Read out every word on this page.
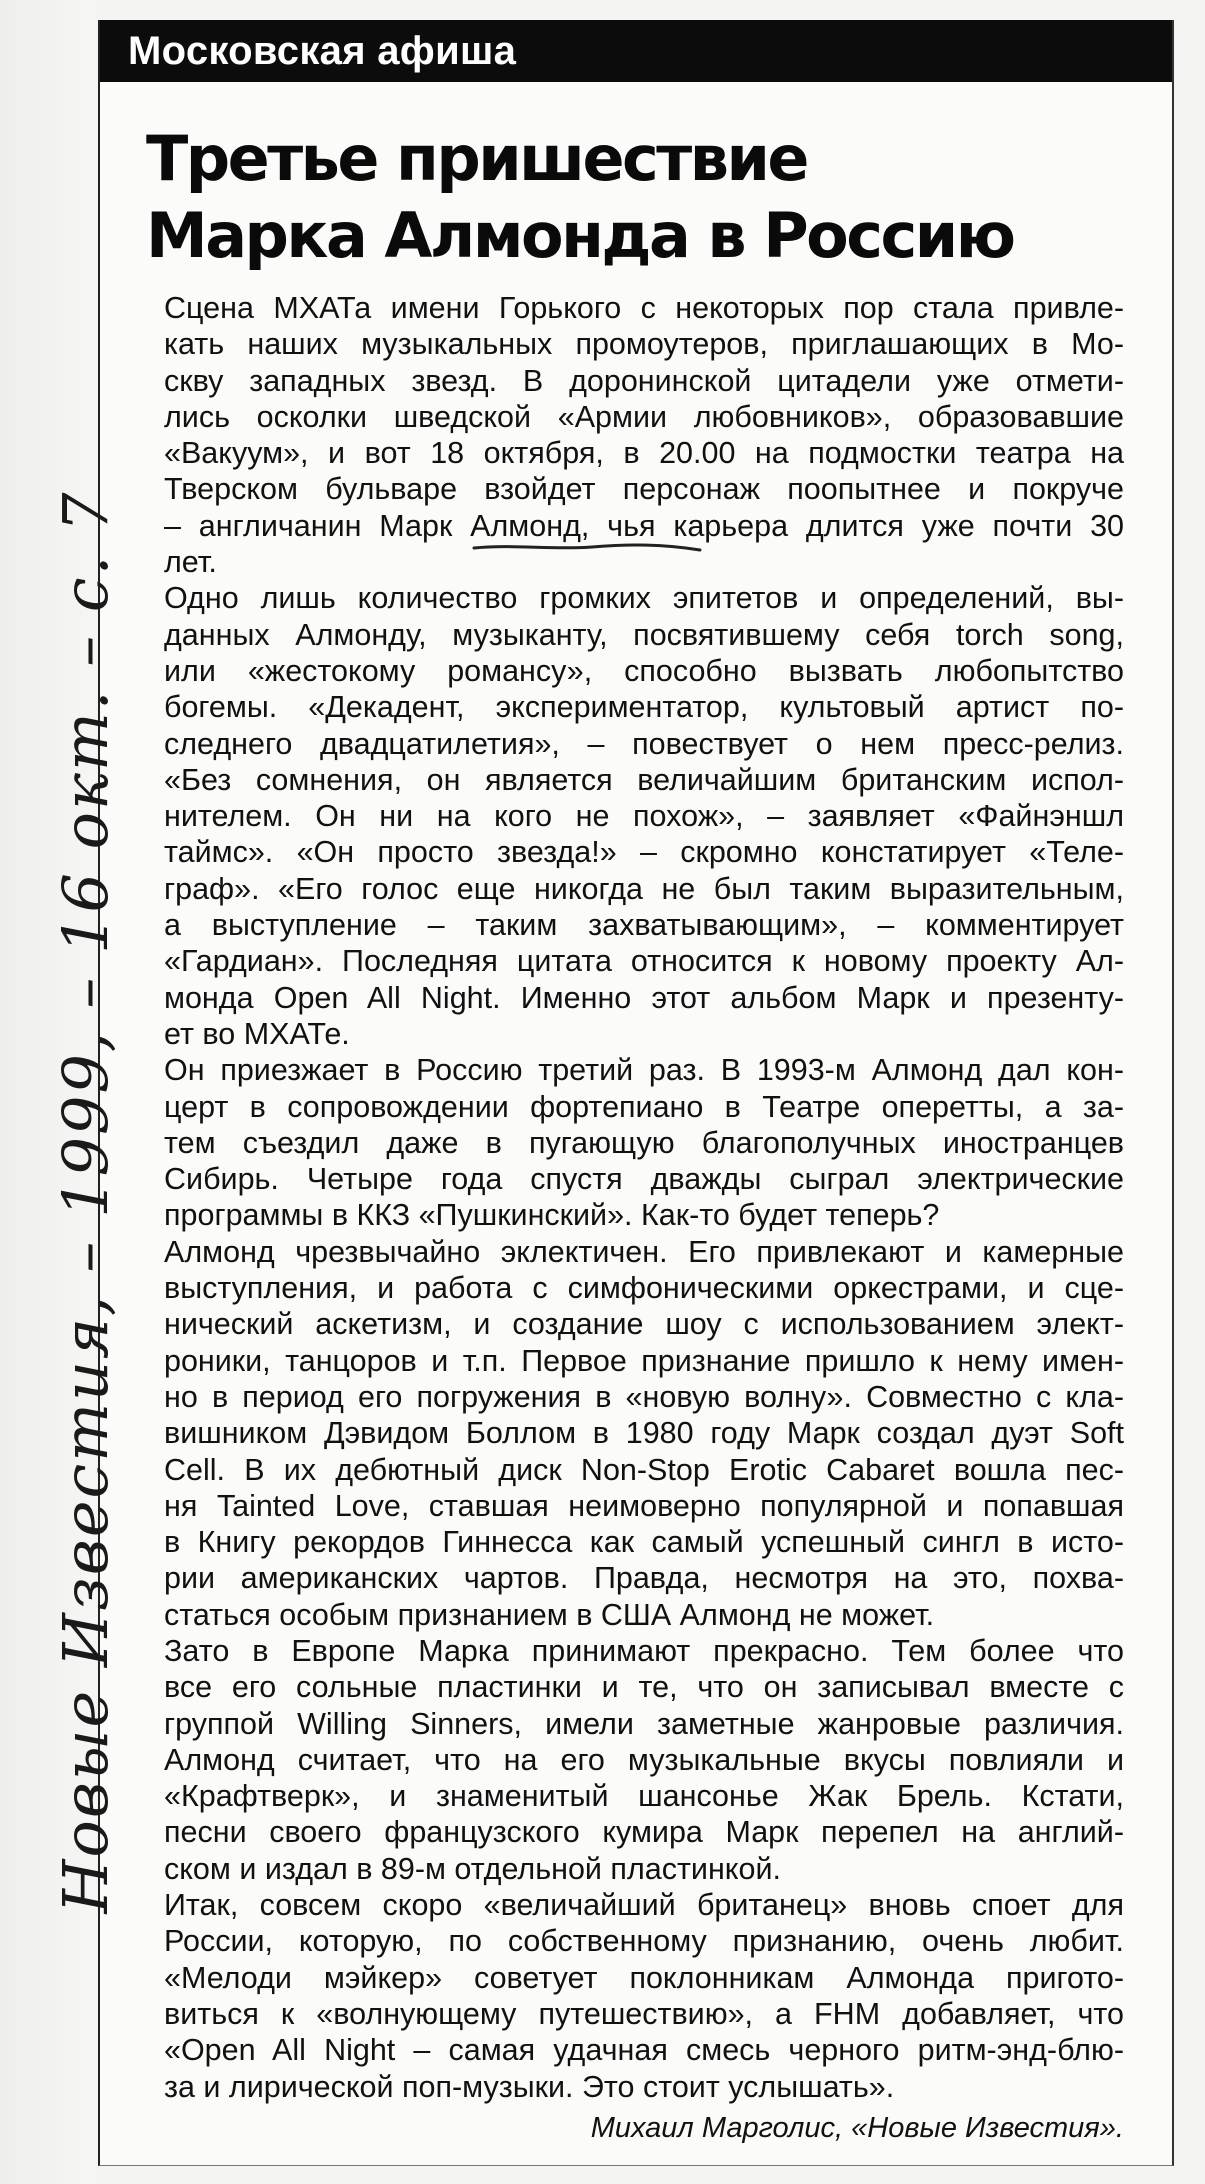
Московская афиша
Третье пришествие
Марка Алмонда в Россию
Сцена МХАТа имени Горького с некоторых пор стала привле-
кать наших музыкальных промоутеров, приглашающих в Мо-
скву западных звезд. В доронинской цитадели уже отмети-
лись осколки шведской «Армии любовников», образовавшие
«Вакуум», и вот 18 октября, в 20.00 на подмостки театра на
Тверском бульваре взойдет персонаж поопытнее и покруче
– англичанин Марк Алмонд, чья карьера длится уже почти 30
лет.
Одно лишь количество громких эпитетов и определений, вы-
данных Алмонду, музыканту, посвятившему себя torch song,
или «жестокому романсу», способно вызвать любопытство
богемы. «Декадент, экспериментатор, культовый артист по-
следнего двадцатилетия», – повествует о нем пресс-релиз.
«Без сомнения, он является величайшим британским испол-
нителем. Он ни на кого не похож», – заявляет «Файнэншл
таймс». «Он просто звезда!» – скромно констатирует «Теле-
граф». «Его голос еще никогда не был таким выразительным,
а выступление – таким захватывающим», – комментирует
«Гардиан». Последняя цитата относится к новому проекту Ал-
монда Open All Night. Именно этот альбом Марк и презенту-
ет во МХАТе.
Он приезжает в Россию третий раз. В 1993-м Алмонд дал кон-
церт в сопровождении фортепиано в Театре оперетты, а за-
тем съездил даже в пугающую благополучных иностранцев
Сибирь. Четыре года спустя дважды сыграл электрические
программы в ККЗ «Пушкинский». Как-то будет теперь?
Алмонд чрезвычайно эклектичен. Его привлекают и камерные
выступления, и работа с симфоническими оркестрами, и сце-
нический аскетизм, и создание шоу с использованием элект-
роники, танцоров и т.п. Первое признание пришло к нему имен-
но в период его погружения в «новую волну». Совместно с кла-
вишником Дэвидом Боллом в 1980 году Марк создал дуэт Soft
Cell. В их дебютный диск Non-Stop Erotic Cabaret вошла пес-
ня Tainted Love, ставшая неимоверно популярной и попавшая
в Книгу рекордов Гиннесса как самый успешный сингл в исто-
рии американских чартов. Правда, несмотря на это, похва-
статься особым признанием в США Алмонд не может.
Зато в Европе Марка принимают прекрасно. Тем более что
все его сольные пластинки и те, что он записывал вместе с
группой Willing Sinners, имели заметные жанровые различия.
Алмонд считает, что на его музыкальные вкусы повлияли и
«Крафтверк», и знаменитый шансонье Жак Брель. Кстати,
песни своего французского кумира Марк перепел на англий-
ском и издал в 89-м отдельной пластинкой.
Итак, совсем скоро «величайший британец» вновь споет для
России, которую, по собственному признанию, очень любит.
«Мелоди мэйкер» советует поклонникам Алмонда пригото-
виться к «волнующему путешествию», а FHM добавляет, что
«Open All Night – самая удачная смесь черного ритм-энд-блю-
за и лирической поп-музыки. Это стоит услышать».
Михаил Марголис, «Новые Известия».
Новые Известия, – 1999, – 16 окт. – с. 7
